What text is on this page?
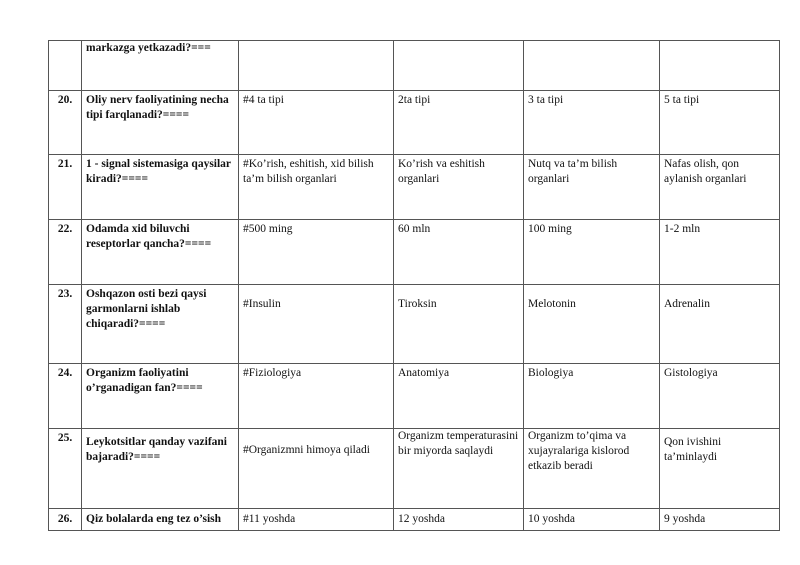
	markazga yetkazadi?===				
20.	Oliy nerv faoliyatining necha tipi farqlanadi?====	#4 ta tipi	2ta tipi	3 ta tipi	5 ta tipi
21.	1 - signal sistemasiga qaysilar kiradi?====	#Ko’rish, eshitish, xid bilish ta’m bilish organlari	Ko’rish va eshitish organlari	Nutq va ta’m bilish organlari	Nafas olish, qon aylanish organlari
22.	Odamda xid biluvchi reseptorlar qancha?====	#500 ming	60 mln	100 ming	1-2 mln
23.	Oshqazon osti bezi qaysi garmonlarni ishlab chiqaradi?====	#Insulin	Tiroksin	Melotonin	Adrenalin
24.	Organizm faoliyatini o’rganadigan fan?====	#Fiziologiya	Anatomiya	Biologiya	Gistologiya
25.	Leykotsitlar qanday vazifani bajaradi?====	#Organizmni himoya qiladi	Organizm temperaturasini bir miyorda saqlaydi	Organizm to’qima va xujayralariga kislorod etkazib beradi	Qon ivishini ta’minlaydi
26.	Qiz bolalarda eng tez o’sish	#11 yoshda	12 yoshda	10 yoshda	9 yoshda
